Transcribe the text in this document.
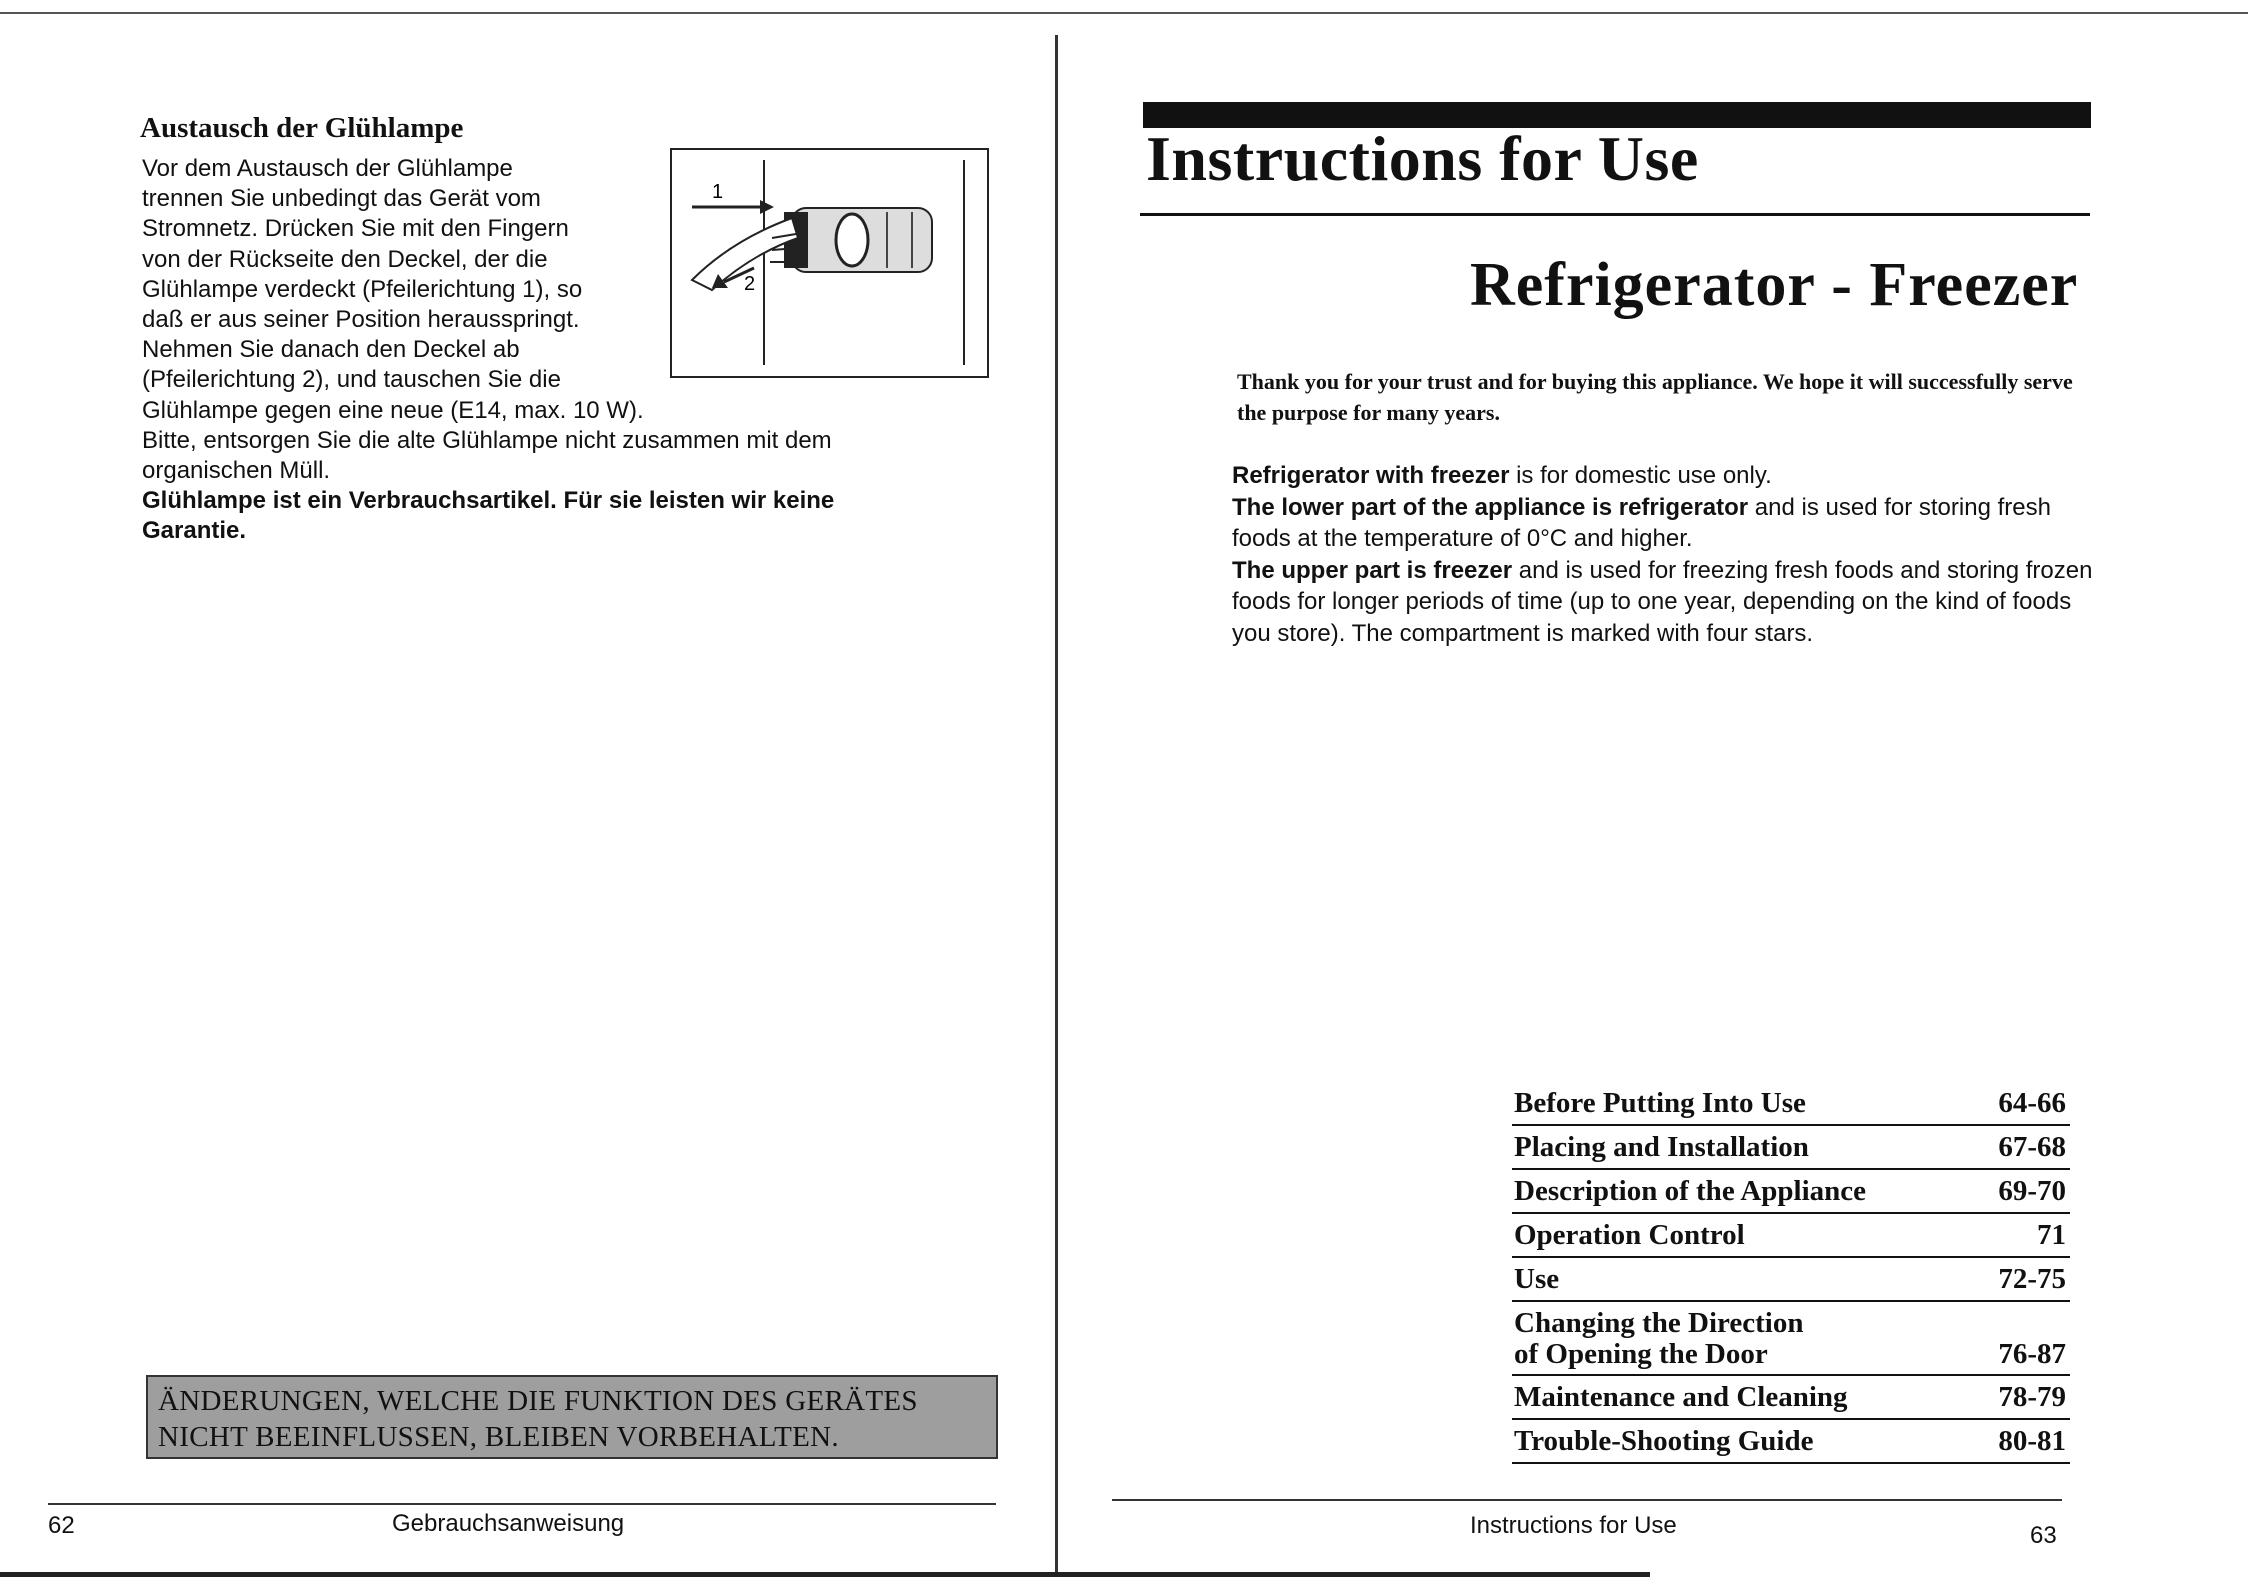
Austausch der Glühlampe
Vor dem Austausch der Glühlampe
trennen Sie unbedingt das Gerät vom
Stromnetz. Drücken Sie mit den Fingern
von der Rückseite den Deckel, der die
Glühlampe verdeckt (Pfeilerichtung 1), so
daß er aus seiner Position herausspringt.
Nehmen Sie danach den Deckel ab
(Pfeilerichtung 2), und tauschen Sie die
Glühlampe gegen eine neue (E14, max. 10 W).
Bitte, entsorgen Sie die alte Glühlampe nicht zusammen mit dem organischen Müll.
Glühlampe ist ein Verbrauchsartikel. Für sie leisten wir keine Garantie.
1
2
ÄNDERUNGEN, WELCHE DIE FUNKTION DES GERÄTES
NICHT BEEINFLUSSEN, BLEIBEN VORBEHALTEN.
62	Gebrauchsanweisung
Instructions for Use
Refrigerator - Freezer
Thank you for your trust and for buying this appliance. We hope it will successfully serve the purpose for many years.
Refrigerator with freezer is for domestic use only.
The lower part of the appliance is refrigerator and is used for storing fresh foods at the temperature of 0°C and higher.
The upper part is freezer and is used for freezing fresh foods and storing frozen foods for longer periods of time (up to one year, depending on the kind of foods you store). The compartment is marked with four stars.
Before Putting Into Use	64-66
Placing and Installation	67-68
Description of the Appliance	69-70
Operation Control	71
Use	72-75
Changing the Direction
of Opening the Door	76-87
Maintenance and Cleaning	78-79
Trouble-Shooting Guide	80-81
Instructions for Use	63
